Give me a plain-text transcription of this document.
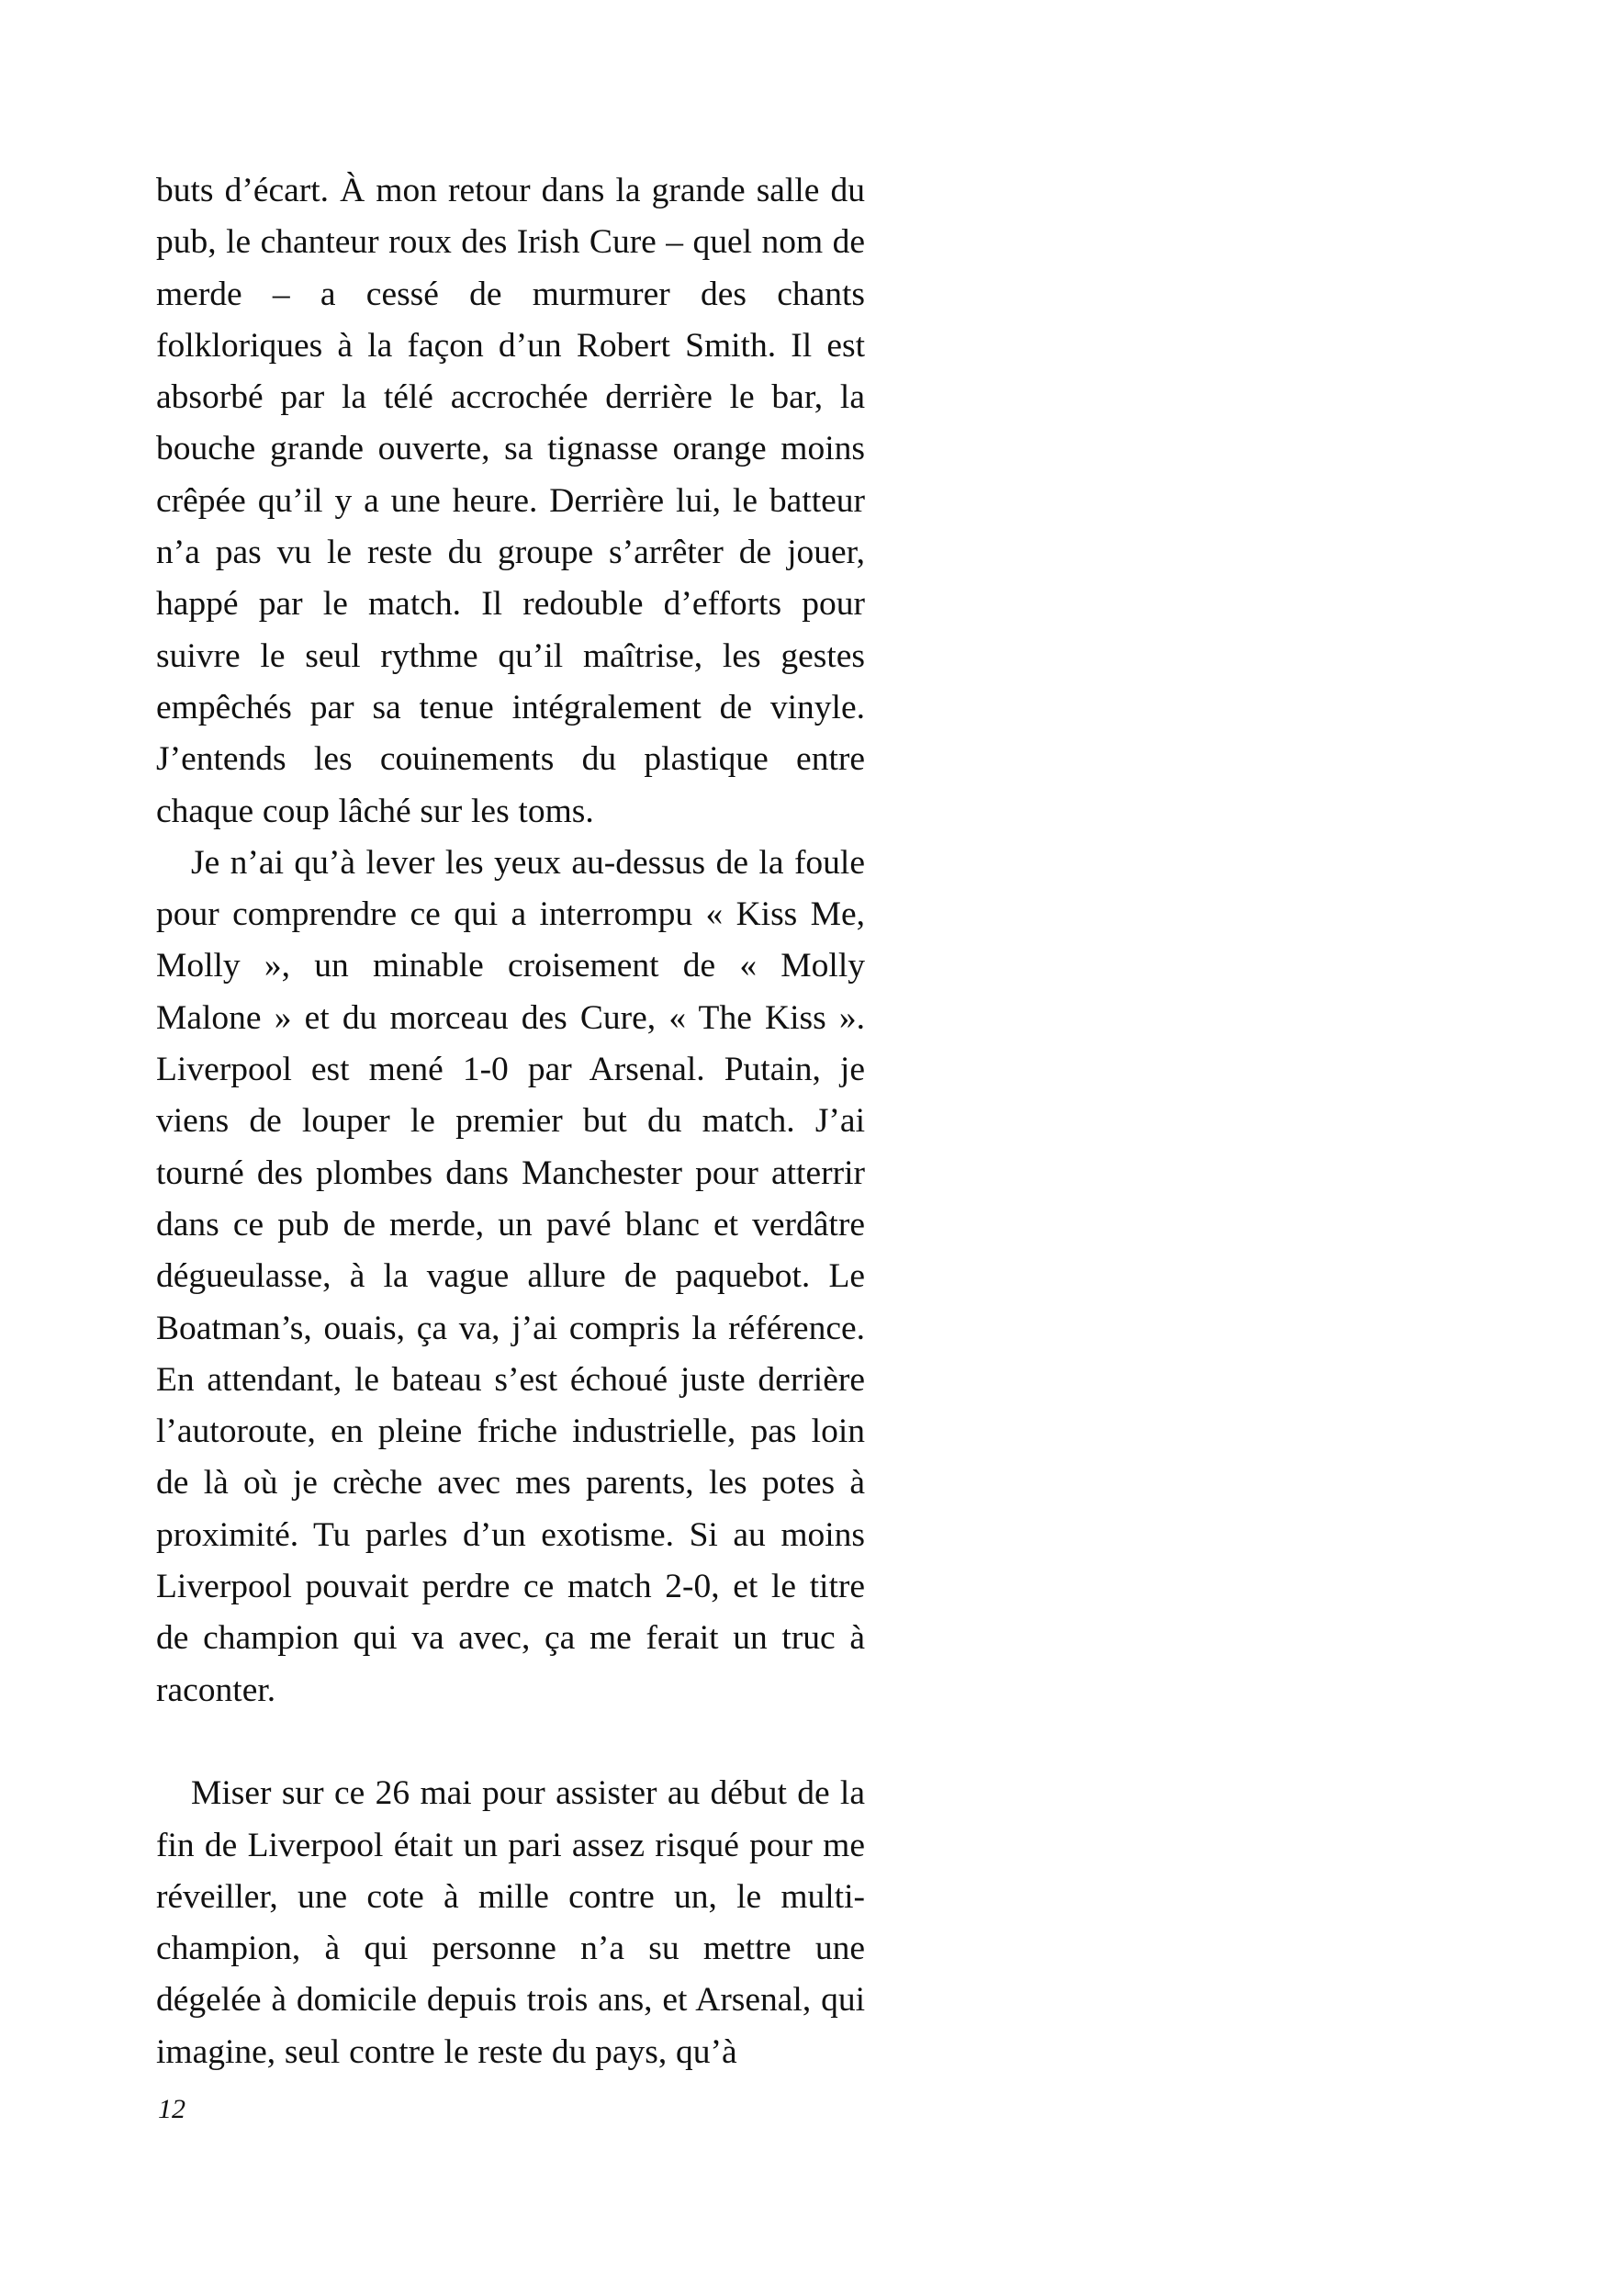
buts d’écart. À mon retour dans la grande salle du pub, le chanteur roux des Irish Cure – quel nom de merde – a cessé de murmurer des chants folkloriques à la façon d’un Robert Smith. Il est absorbé par la télé accrochée derrière le bar, la bouche grande ouverte, sa tignasse orange moins crêpée qu’il y a une heure. Derrière lui, le batteur n’a pas vu le reste du groupe s’arrêter de jouer, happé par le match. Il redouble d’efforts pour suivre le seul rythme qu’il maîtrise, les gestes empêchés par sa tenue intégralement de vinyle. J’entends les couinements du plastique entre chaque coup lâché sur les toms.

Je n’ai qu’à lever les yeux au-dessus de la foule pour comprendre ce qui a interrompu « Kiss Me, Molly », un minable croisement de « Molly Malone » et du morceau des Cure, « The Kiss ». Liverpool est mené 1-0 par Arsenal. Putain, je viens de louper le premier but du match. J’ai tourné des plombes dans Manchester pour atterrir dans ce pub de merde, un pavé blanc et verdâtre dégueulasse, à la vague allure de paquebot. Le Boatman’s, ouais, ça va, j’ai compris la référence. En attendant, le bateau s’est échoué juste derrière l’autoroute, en pleine friche industrielle, pas loin de là où je crèche avec mes parents, les potes à proximité. Tu parles d’un exotisme. Si au moins Liverpool pouvait perdre ce match 2-0, et le titre de champion qui va avec, ça me ferait un truc à raconter.

Miser sur ce 26 mai pour assister au début de la fin de Liverpool était un pari assez risqué pour me réveiller, une cote à mille contre un, le multi-champion, à qui personne n’a su mettre une dégelée à domicile depuis trois ans, et Arsenal, qui imagine, seul contre le reste du pays, qu’à

12
